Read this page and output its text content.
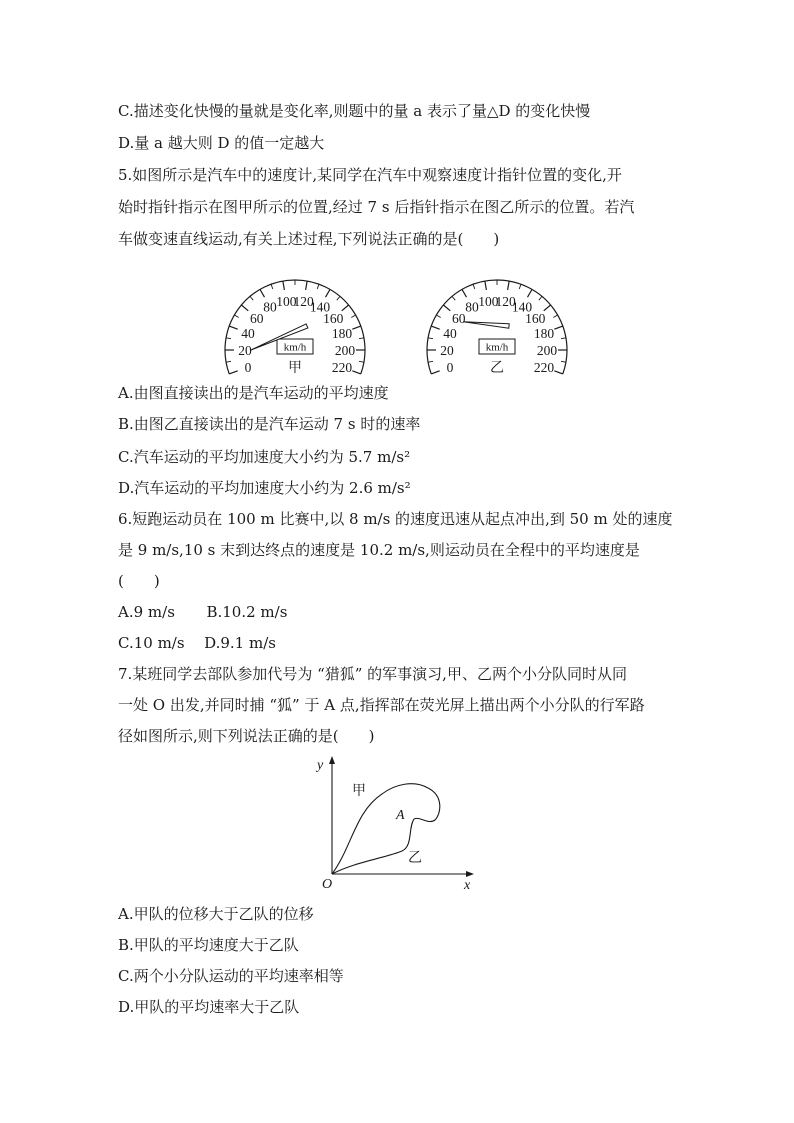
C.描述变化快慢的量就是变化率,则题中的量 a 表示了量△D 的变化快慢
D.量 a 越大则 D 的值一定越大
5.如图所示是汽车中的速度计,某同学在汽车中观察速度计指针位置的变化,开
始时指针指示在图甲所示的位置,经过 7 s 后指针指示在图乙所示的位置。若汽
车做变速直线运动,有关上述过程,下列说法正确的是(　　)
0
20
40
60
80 100
120
140
160
180
200
220
km/h
甲	0
20
40
60
80 100
120
140
160
180
200
220
km/h
乙
A.由图直接读出的是汽车运动的平均速度
B.由图乙直接读出的是汽车运动 7 s 时的速率
C.汽车运动的平均加速度大小约为 5.7 m/s²
D.汽车运动的平均加速度大小约为 2.6 m/s²
6.短跑运动员在 100 m 比赛中,以 8 m/s 的速度迅速从起点冲出,到 50 m 处的速度
是 9 m/s,10 s 末到达终点的速度是 10.2 m/s,则运动员在全程中的平均速度是
(　　)
A.9 m/s B.10.2 m/s
C.10 m/s D.9.1 m/s
7.某班同学去部队参加代号为 “猎狐” 的军事演习,甲、乙两个小分队同时从同
一处 O 出发,并同时捕 “狐” 于 A 点,指挥部在荧光屏上描出两个小分队的行军路
径如图所示,则下列说法正确的是(　　)
y
x
O
A
甲
乙
A.甲队的位移大于乙队的位移
B.甲队的平均速度大于乙队
C.两个小分队运动的平均速率相等
D.甲队的平均速率大于乙队
